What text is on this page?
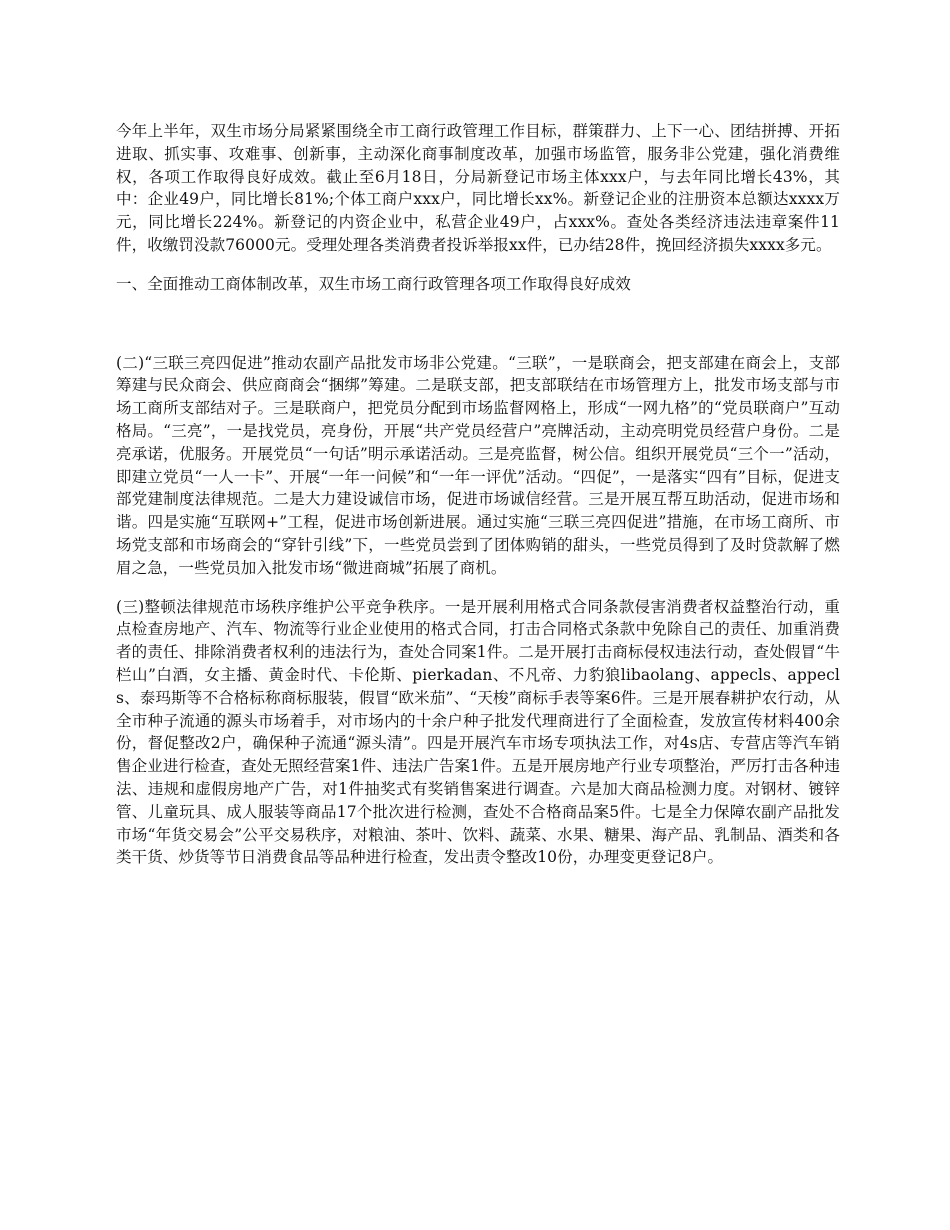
今年上半年，双生市场分局紧紧围绕全市工商行政管理工作目标，群策群力、上下一心、团结拼搏、开拓进取、抓实事、攻难事、创新事，主动深化商事制度改革，加强市场监管，服务非公党建，强化消费维权，各项工作取得良好成效。截止至6月18日，分局新登记市场主体xxx户，与去年同比增长43%，其中：企业49户，同比增长81%;个体工商户xxx户，同比增长xx%。新登记企业的注册资本总额达xxxx万元，同比增长224%。新登记的内资企业中，私营企业49户，占xxx%。查处各类经济违法违章案件11件，收缴罚没款76000元。受理处理各类消费者投诉举报xx件，已办结28件，挽回经济损失xxxx多元。

一、全面推动工商体制改革，双生市场工商行政管理各项工作取得良好成效

(二)“三联三亮四促进”推动农副产品批发市场非公党建。“三联”，一是联商会，把支部建在商会上，支部筹建与民众商会、供应商商会“捆绑”筹建。二是联支部，把支部联结在市场管理方上，批发市场支部与市场工商所支部结对子。三是联商户，把党员分配到市场监督网格上，形成“一网九格”的“党员联商户”互动格局。“三亮”，一是找党员，亮身份，开展“共产党员经营户”亮牌活动，主动亮明党员经营户身份。二是亮承诺，优服务。开展党员“一句话”明示承诺活动。三是亮监督，树公信。组织开展党员“三个一”活动，即建立党员“一人一卡”、开展“一年一问候”和“一年一评优”活动。“四促”，一是落实“四有”目标，促进支部党建制度法律规范。二是大力建设诚信市场，促进市场诚信经营。三是开展互帮互助活动，促进市场和谐。四是实施“互联网+”工程，促进市场创新进展。通过实施“三联三亮四促进”措施，在市场工商所、市场党支部和市场商会的“穿针引线”下，一些党员尝到了团体购销的甜头，一些党员得到了及时贷款解了燃眉之急，一些党员加入批发市场“微进商城”拓展了商机。

(三)整顿法律规范市场秩序维护公平竞争秩序。一是开展利用格式合同条款侵害消费者权益整治行动，重点检查房地产、汽车、物流等行业企业使用的格式合同，打击合同格式条款中免除自己的责任、加重消费者的责任、排除消费者权利的违法行为，查处合同案1件。二是开展打击商标侵权违法行动，查处假冒“牛栏山”白酒，女主播、黄金时代、卡伦斯、pierkadan、不凡帝、力豹狼libaolang、appecls、appecls、泰玛斯等不合格标称商标服装，假冒“欧米茄”、“天梭”商标手表等案6件。三是开展春耕护农行动，从全市种子流通的源头市场着手，对市场内的十余户种子批发代理商进行了全面检查，发放宣传材料400余份，督促整改2户，确保种子流通“源头清”。四是开展汽车市场专项执法工作，对4s店、专营店等汽车销售企业进行检查，查处无照经营案1件、违法广告案1件。五是开展房地产行业专项整治，严厉打击各种违法、违规和虚假房地产广告，对1件抽奖式有奖销售案进行调查。六是加大商品检测力度。对钢材、镀锌管、儿童玩具、成人服装等商品17个批次进行检测，查处不合格商品案5件。七是全力保障农副产品批发市场“年货交易会”公平交易秩序，对粮油、茶叶、饮料、蔬菜、水果、糖果、海产品、乳制品、酒类和各类干货、炒货等节日消费食品等品种进行检查，发出责令整改10份，办理变更登记8户。
